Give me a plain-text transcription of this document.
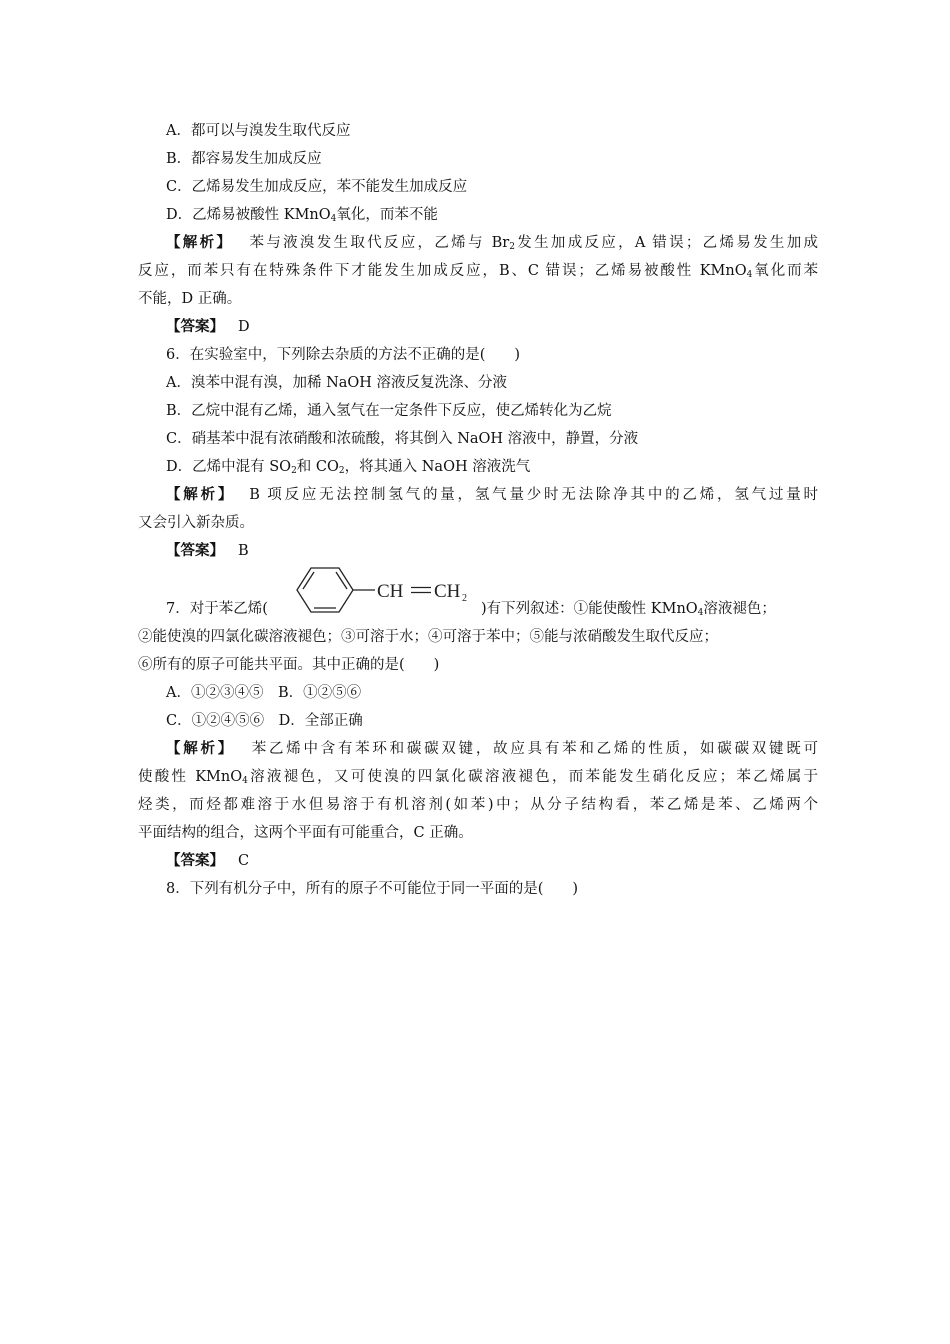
A．都可以与溴发生取代反应
B．都容易发生加成反应
C．乙烯易发生加成反应，苯不能发生加成反应
D．乙烯易被酸性 KMnO$_4$氧化，而苯不能
【解析】 苯与液溴发生取代反应，乙烯与 $Br_2$发生加成反应，A 错误；乙烯易发生加成
反应，而苯只有在特殊条件下才能发生加成反应，B、C 错误；乙烯易被酸性 KMnO$_4$氧化而苯
不能，D 正确。
【答案】 D
6．在实验室中，下列除去杂质的方法不正确的是(　　)
A．溴苯中混有溴，加稀 NaOH 溶液反复洗涤、分液
B．乙烷中混有乙烯，通入氢气在一定条件下反应，使乙烯转化为乙烷
C．硝基苯中混有浓硝酸和浓硫酸，将其倒入 NaOH 溶液中，静置，分液
D．乙烯中混有 $SO_2$和 $CO_2$，将其通入 NaOH 溶液洗气
【解析】 B 项反应无法控制氢气的量，氢气量少时无法除净其中的乙烯，氢气过量时
又会引入新杂质。
【答案】 B
7．对于苯乙烯(
CH CH 2
)有下列叙述：①能使酸性 KMnO$_4$溶液褪色；
②能使溴的四氯化碳溶液褪色；③可溶于水；④可溶于苯中；⑤能与浓硝酸发生取代反应；
⑥所有的原子可能共平面。其中正确的是(　　)
A．①②③④⑤　B．①②⑤⑥
C．①②④⑤⑥　D．全部正确
【解析】 苯乙烯中含有苯环和碳碳双键，故应具有苯和乙烯的性质，如碳碳双键既可
使酸性 KMnO$_4$溶液褪色，又可使溴的四氯化碳溶液褪色，而苯能发生硝化反应；苯乙烯属于
烃类，而烃都难溶于水但易溶于有机溶剂(如苯)中；从分子结构看，苯乙烯是苯、乙烯两个
平面结构的组合，这两个平面有可能重合，C 正确。
【答案】 C
8．下列有机分子中，所有的原子不可能位于同一平面的是(　　)
